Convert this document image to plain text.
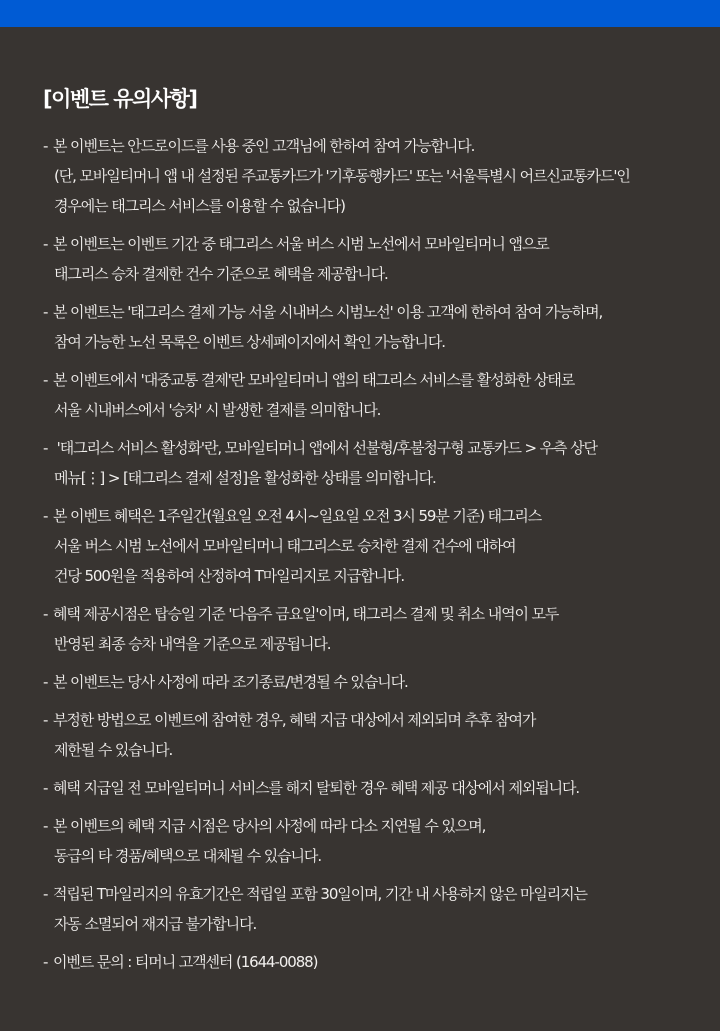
[이벤트 유의사항]
- 본 이벤트는 안드로이드를 사용 중인 고객님에 한하여 참여 가능합니다.
(단, 모바일티머니 앱 내 설정된 주교통카드가 '기후동행카드' 또는 '서울특별시 어르신교통카드'인
경우에는 태그리스 서비스를 이용할 수 없습니다)
- 본 이벤트는 이벤트 기간 중 태그리스 서울 버스 시범 노선에서 모바일티머니 앱으로
태그리스 승차 결제한 건수 기준으로 혜택을 제공합니다.
- 본 이벤트는 '태그리스 결제 가능 서울 시내버스 시범노선' 이용 고객에 한하여 참여 가능하며,
참여 가능한 노선 목록은 이벤트 상세페이지에서 확인 가능합니다.
- 본 이벤트에서 '대중교통 결제'란 모바일티머니 앱의 태그리스 서비스를 활성화한 상태로
서울 시내버스에서 '승차' 시 발생한 결제를 의미합니다.
- '태그리스 서비스 활성화'란, 모바일티머니 앱에서 선불형/후불청구형 교통카드 > 우측 상단
메뉴[⋮] > [태그리스 결제 설정]을 활성화한 상태를 의미합니다.
- 본 이벤트 혜택은 1주일간(월요일 오전 4시~일요일 오전 3시 59분 기준) 태그리스
서울 버스 시범 노선에서 모바일티머니 태그리스로 승차한 결제 건수에 대하여
건당 500원을 적용하여 산정하여 T마일리지로 지급합니다.
- 혜택 제공시점은 탑승일 기준 '다음주 금요일'이며, 태그리스 결제 및 취소 내역이 모두
반영된 최종 승차 내역을 기준으로 제공됩니다.
- 본 이벤트는 당사 사정에 따라 조기종료/변경될 수 있습니다.
- 부정한 방법으로 이벤트에 참여한 경우, 혜택 지급 대상에서 제외되며 추후 참여가
제한될 수 있습니다.
- 혜택 지급일 전 모바일티머니 서비스를 해지 탈퇴한 경우 혜택 제공 대상에서 제외됩니다.
- 본 이벤트의 혜택 지급 시점은 당사의 사정에 따라 다소 지연될 수 있으며,
동급의 타 경품/혜택으로 대체될 수 있습니다.
- 적립된 T마일리지의 유효기간은 적립일 포함 30일이며, 기간 내 사용하지 않은 마일리지는
자동 소멸되어 재지급 불가합니다.
- 이벤트 문의 : 티머니 고객센터 (1644-0088)
